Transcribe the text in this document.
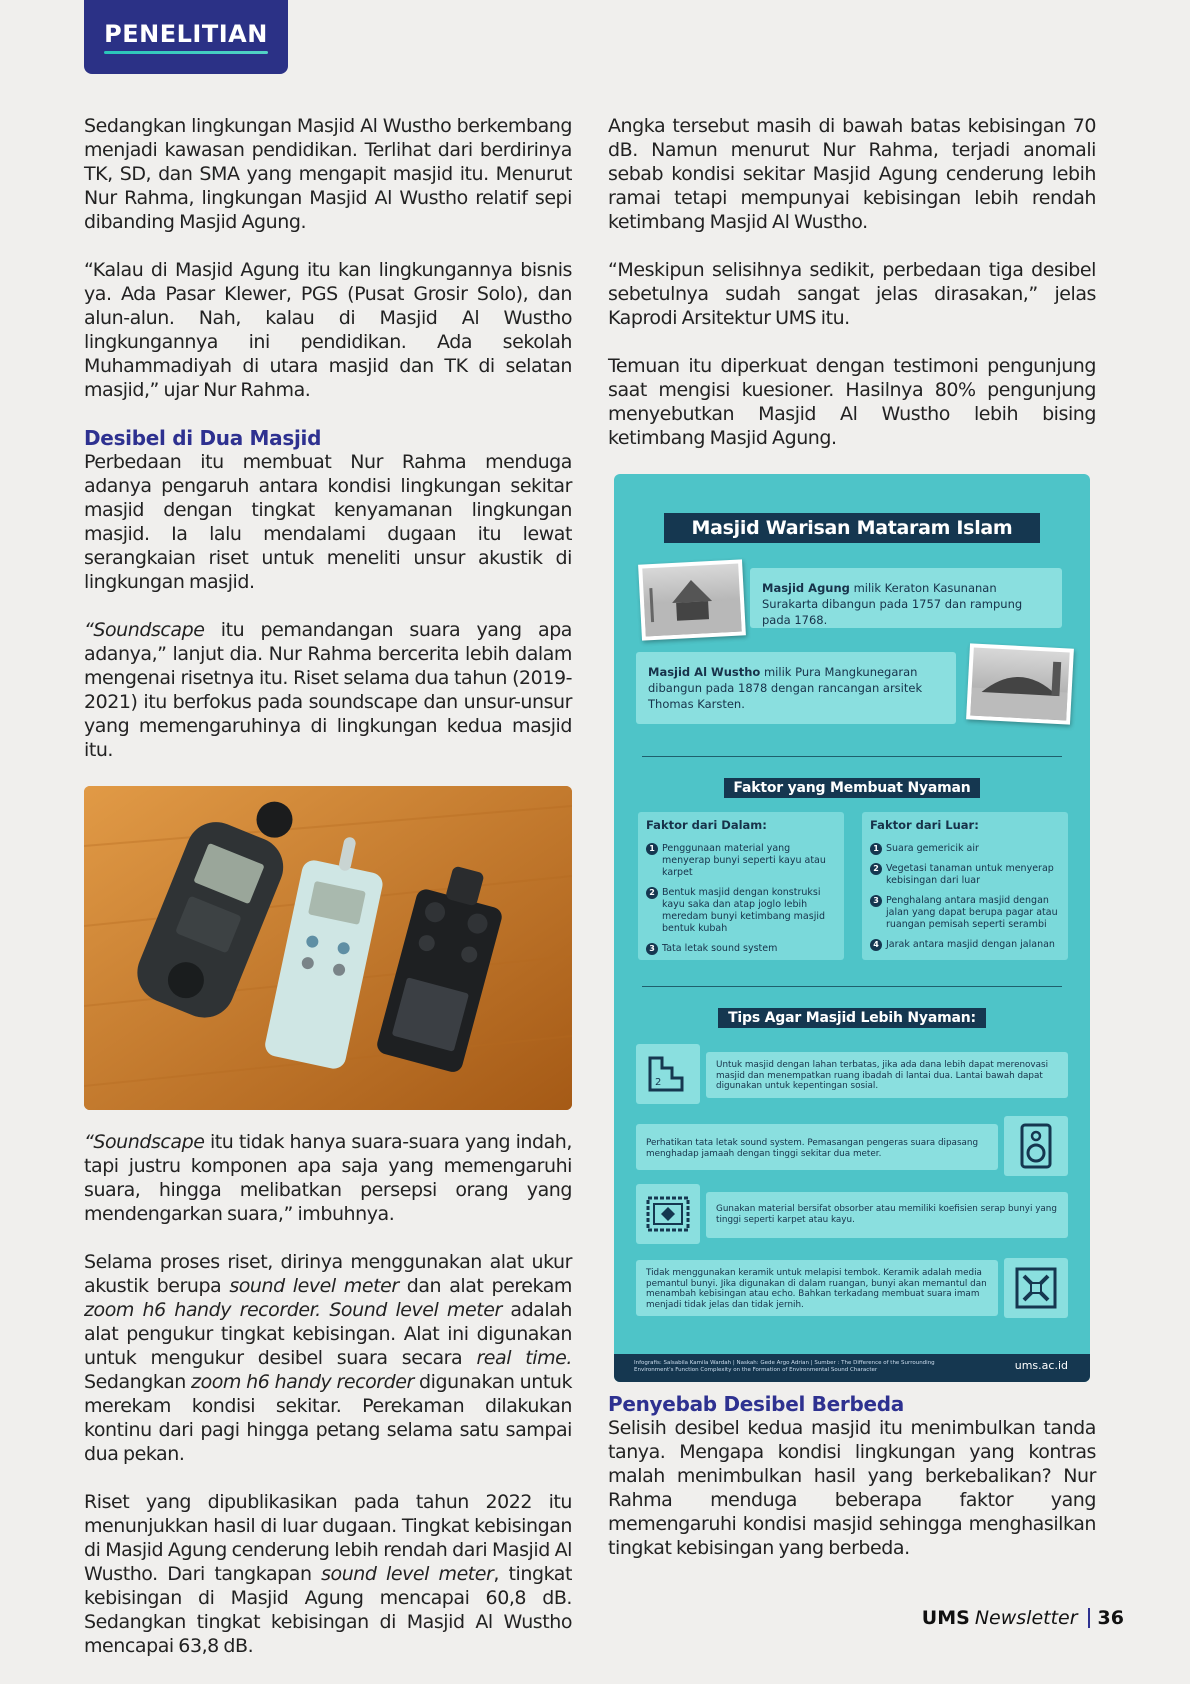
PENELITIAN

Sedangkan lingkungan Masjid Al Wustho berkembang menjadi kawasan pendidikan. Terlihat dari berdirinya TK, SD, dan SMA yang mengapit masjid itu. Menurut Nur Rahma, lingkungan Masjid Al Wustho relatif sepi dibanding Masjid Agung.

“Kalau di Masjid Agung itu kan lingkungannya bisnis ya. Ada Pasar Klewer, PGS (Pusat Grosir Solo), dan alun-alun. Nah, kalau di Masjid Al Wustho lingkungannya ini pendidikan. Ada sekolah Muhammadiyah di utara masjid dan TK di selatan masjid,” ujar Nur Rahma.

Desibel di Dua Masjid

Perbedaan itu membuat Nur Rahma menduga adanya pengaruh antara kondisi lingkungan sekitar masjid dengan tingkat kenyamanan lingkungan masjid. Ia lalu mendalami dugaan itu lewat serangkaian riset untuk meneliti unsur akustik di lingkungan masjid.

“Soundscape itu pemandangan suara yang apa adanya,” lanjut dia. Nur Rahma bercerita lebih dalam mengenai risetnya itu. Riset selama dua tahun (2019-2021) itu berfokus pada soundscape dan unsur-unsur yang memengaruhinya di lingkungan kedua masjid itu.

“Soundscape itu tidak hanya suara-suara yang indah, tapi justru komponen apa saja yang memengaruhi suara, hingga melibatkan persepsi orang yang mendengarkan suara,” imbuhnya.

Selama proses riset, dirinya menggunakan alat ukur akustik berupa sound level meter dan alat perekam zoom h6 handy recorder. Sound level meter adalah alat pengukur tingkat kebisingan. Alat ini digunakan untuk mengukur desibel suara secara real time. Sedangkan zoom h6 handy recorder digunakan untuk merekam kondisi sekitar. Perekaman dilakukan kontinu dari pagi hingga petang selama satu sampai dua pekan.

Riset yang dipublikasikan pada tahun 2022 itu menunjukkan hasil di luar dugaan. Tingkat kebisingan di Masjid Agung cenderung lebih rendah dari Masjid Al Wustho. Dari tangkapan sound level meter, tingkat kebisingan di Masjid Agung mencapai 60,8 dB. Sedangkan tingkat kebisingan di Masjid Al Wustho mencapai 63,8 dB.

Angka tersebut masih di bawah batas kebisingan 70 dB. Namun menurut Nur Rahma, terjadi anomali sebab kondisi sekitar Masjid Agung cenderung lebih ramai tetapi mempunyai kebisingan lebih rendah ketimbang Masjid Al Wustho.

“Meskipun selisihnya sedikit, perbedaan tiga desibel sebetulnya sudah sangat jelas dirasakan,” jelas Kaprodi Arsitektur UMS itu.

Temuan itu diperkuat dengan testimoni pengunjung saat mengisi kuesioner. Hasilnya 80% pengunjung menyebutkan Masjid Al Wustho lebih bising ketimbang Masjid Agung.

Masjid Warisan Mataram Islam
Masjid Agung milik Keraton Kasunanan Surakarta dibangun pada 1757 dan rampung pada 1768.
Masjid Al Wustho milik Pura Mangkunegaran dibangun pada 1878 dengan rancangan arsitek Thomas Karsten.
Faktor yang Membuat Nyaman
Faktor dari Dalam:
1 Penggunaan material yang menyerap bunyi seperti kayu atau karpet
2 Bentuk masjid dengan konstruksi kayu saka dan atap joglo lebih meredam bunyi ketimbang masjid bentuk kubah
3 Tata letak sound system
Faktor dari Luar:
1 Suara gemericik air
2 Vegetasi tanaman untuk menyerap kebisingan dari luar
3 Penghalang antara masjid dengan jalan yang dapat berupa pagar atau ruangan pemisah seperti serambi
4 Jarak antara masjid dengan jalanan
Tips Agar Masjid Lebih Nyaman:
2
Untuk masjid dengan lahan terbatas, jika ada dana lebih dapat merenovasi masjid dan menempatkan ruang ibadah di lantai dua. Lantai bawah dapat digunakan untuk kepentingan sosial.
Perhatikan tata letak sound system. Pemasangan pengeras suara dipasang menghadap jamaah dengan tinggi sekitar dua meter.
Gunakan material bersifat obsorber atau memiliki koefisien serap bunyi yang tinggi seperti karpet atau kayu.
Tidak menggunakan keramik untuk melapisi tembok. Keramik adalah media pemantul bunyi. Jika digunakan di dalam ruangan, bunyi akan memantul dan menambah kebisingan atau echo. Bahkan terkadang membuat suara imam menjadi tidak jelas dan tidak jernih.
Infografis: Salsabila Kamila Wardah | Naskah: Gede Argo Adrian | Sumber : The Difference of the Surrounding Environment's Function Complexity on the Formation of Environmental Sound Character	ums.ac.id
Penyebab Desibel Berbeda

Selisih desibel kedua masjid itu menimbulkan tanda tanya. Mengapa kondisi lingkungan yang kontras malah menimbulkan hasil yang berkebalikan? Nur Rahma menduga beberapa faktor yang memengaruhi kondisi masjid sehingga menghasilkan tingkat kebisingan yang berbeda.

UMS Newsletter 36
